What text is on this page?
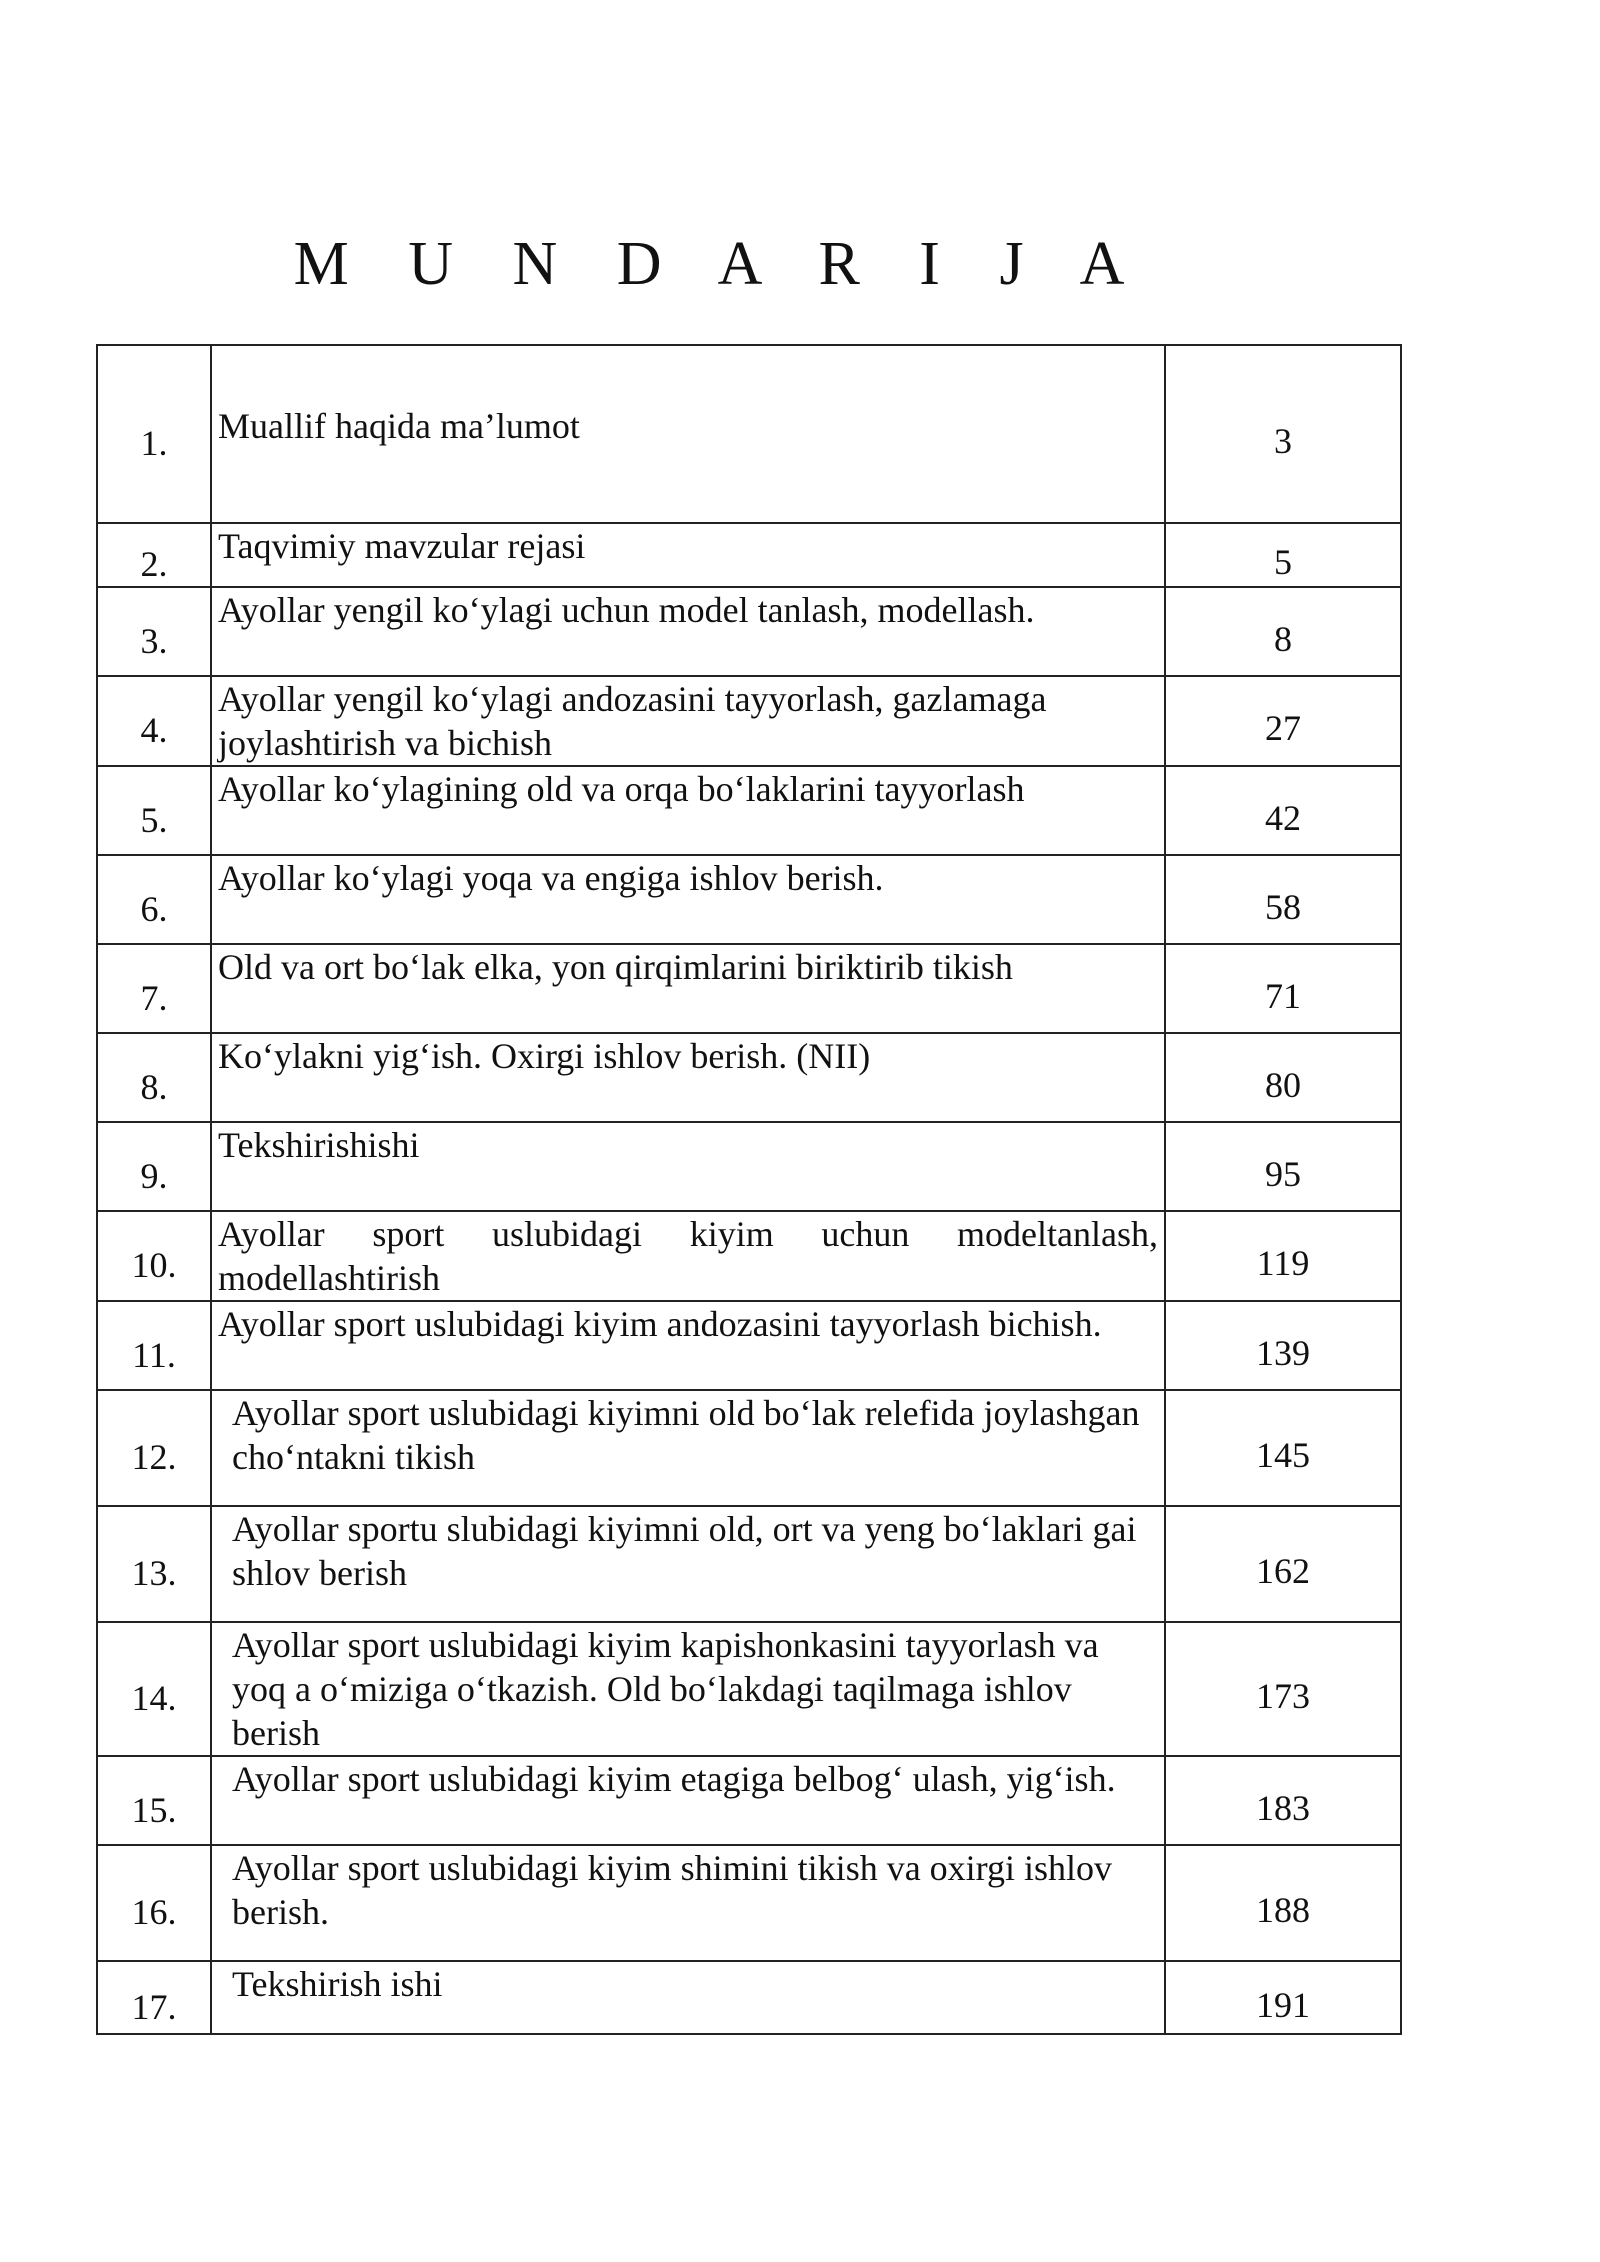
M U N D A R I J A
1.	Muallif haqida ma’lumot	3
2.	Taqvimiy mavzular rejasi	5
3.	Ayollar yengil ko‘ylagi uchun model tanlash, modellash.	8
4.	Ayollar yengil ko‘ylagi andozasini tayyorlash, gazlamaga joylashtirish va bichish	27
5.	Ayollar ko‘ylagining old va orqa bo‘laklarini tayyorlash	42
6.	Ayollar ko‘ylagi yoqa va engiga ishlov berish.	58
7.	Old va ort bo‘lak elka, yon qirqimlarini biriktirib tikish	71
8.	Ko‘ylakni yig‘ish. Oxirgi ishlov berish. (NII)	80
9.	Tekshirishishi	95
10.	Ayollar sport uslubidagi kiyim uchun modeltanlash, modellashtirish	119
11.	Ayollar sport uslubidagi kiyim andozasini tayyorlash bichish.	139
12.	Ayollar sport uslubidagi kiyimni old bo‘lak relefida joylashgan cho‘ntakni tikish	145
13.	Ayollar sportu slubidagi kiyimni old, ort va yeng bo‘laklari gai shlov berish	162
14.	Ayollar sport uslubidagi kiyim kapishonkasini tayyorlash va yoq a o‘miziga o‘tkazish. Old bo‘lakdagi taqilmaga ishlov berish	173
15.	Ayollar sport uslubidagi kiyim etagiga belbog‘ ulash, yig‘ish.	183
16.	Ayollar sport uslubidagi kiyim shimini tikish va oxirgi ishlov berish.	188
17.	Tekshirish ishi	191
